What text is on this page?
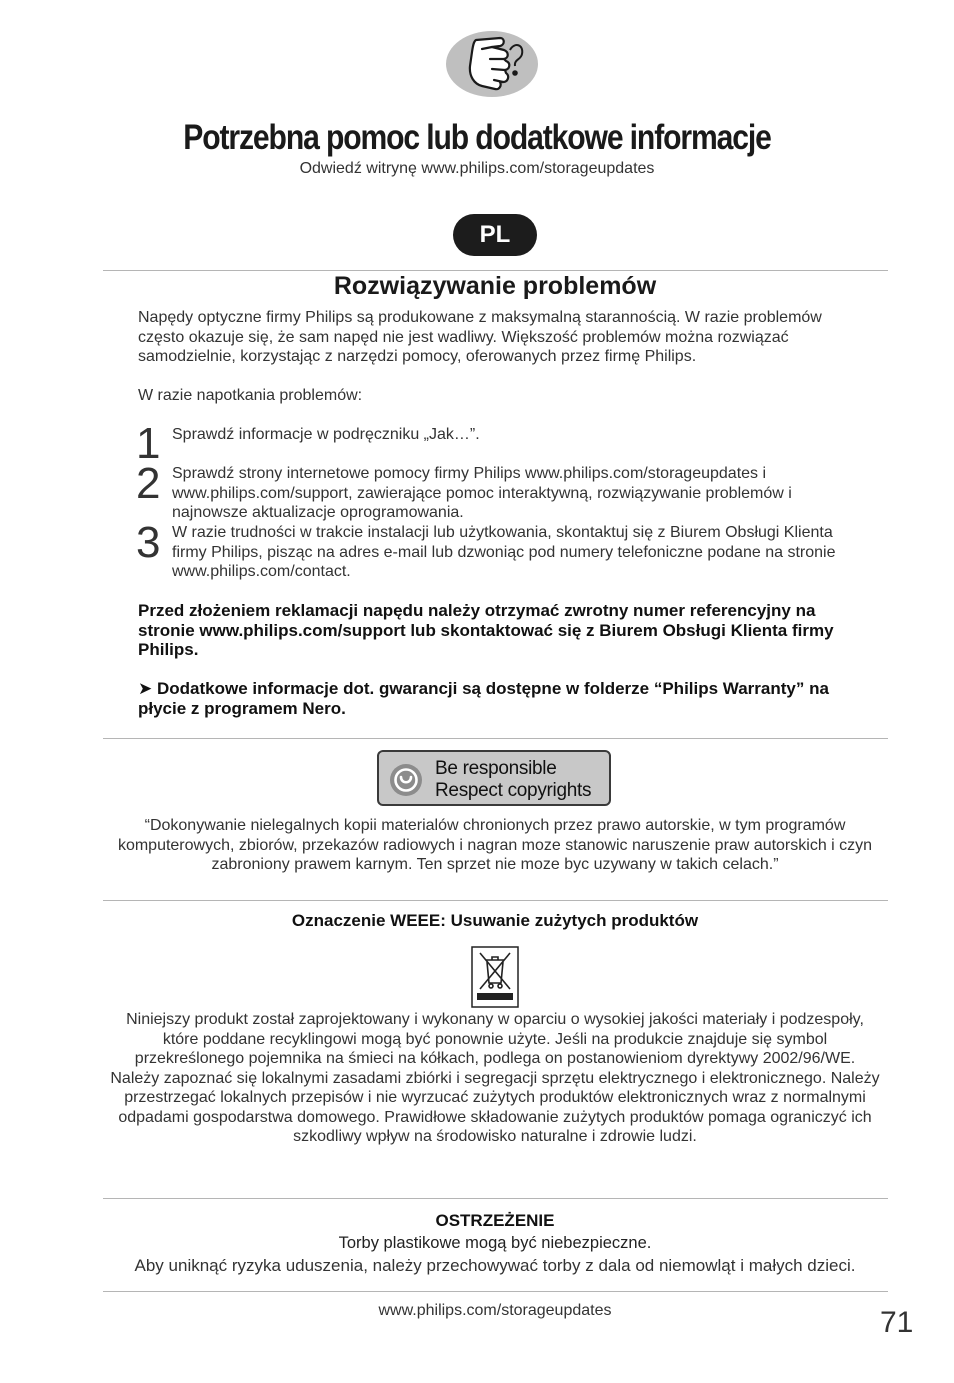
Potrzebna pomoc lub dodatkowe informacje
Odwiedź witrynę www.philips.com/storageupdates
PL
Rozwiązywanie problemów
Napędy optyczne firmy Philips są produkowane z maksymalną starannością. W razie problemów często okazuje się, że sam napęd nie jest wadliwy. Większość problemów można rozwiązać samodzielnie, korzystając z narzędzi pomocy, oferowanych przez firmę Philips.
W razie napotkania problemów:
1 Sprawdź informacje w podręczniku „Jak…”.
2 Sprawdź strony internetowe pomocy firmy Philips www.philips.com/storageupdates i www.philips.com/support, zawierające pomoc interaktywną, rozwiązywanie problemów i najnowsze aktualizacje oprogramowania.
3 W razie trudności w trakcie instalacji lub użytkowania, skontaktuj się z Biurem Obsługi Klienta firmy Philips, pisząc na adres e-mail lub dzwoniąc pod numery telefoniczne podane na stronie www.philips.com/contact.
Przed złożeniem reklamacji napędu należy otrzymać zwrotny numer referencyjny na stronie www.philips.com/support lub skontaktować się z Biurem Obsługi Klienta firmy Philips.
➤ Dodatkowe informacje dot. gwarancji są dostępne w folderze “Philips Warranty” na płycie z programem Nero.
Be responsible
Respect copyrights
“Dokonywanie nielegalnych kopii materialów chronionych przez prawo autorskie, w tym programów komputerowych, zbiorów, przekazów radiowych i nagran moze stanowic naruszenie praw autorskich i czyn zabroniony prawem karnym. Ten sprzet nie moze byc uzywany w takich celach.”
Oznaczenie WEEE: Usuwanie zużytych produktów
Niniejszy produkt został zaprojektowany i wykonany w oparciu o wysokiej jakości materiały i podzespoły, które poddane recyklingowi mogą być ponownie użyte. Jeśli na produkcie znajduje się symbol przekreślonego pojemnika na śmieci na kółkach, podlega on postanowieniom dyrektywy 2002/96/WE. Należy zapoznać się lokalnymi zasadami zbiórki i segregacji sprzętu elektrycznego i elektronicznego. Należy przestrzegać lokalnych przepisów i nie wyrzucać zużytych produktów elektronicznych wraz z normalnymi odpadami gospodarstwa domowego. Prawidłowe składowanie zużytych produktów pomaga ograniczyć ich szkodliwy wpływ na środowisko naturalne i zdrowie ludzi.
OSTRZEŻENIE
Torby plastikowe mogą być niebezpieczne.
Aby uniknąć ryzyka uduszenia, należy przechowywać torby z dala od niemowląt i małych dzieci.
www.philips.com/storageupdates	71
